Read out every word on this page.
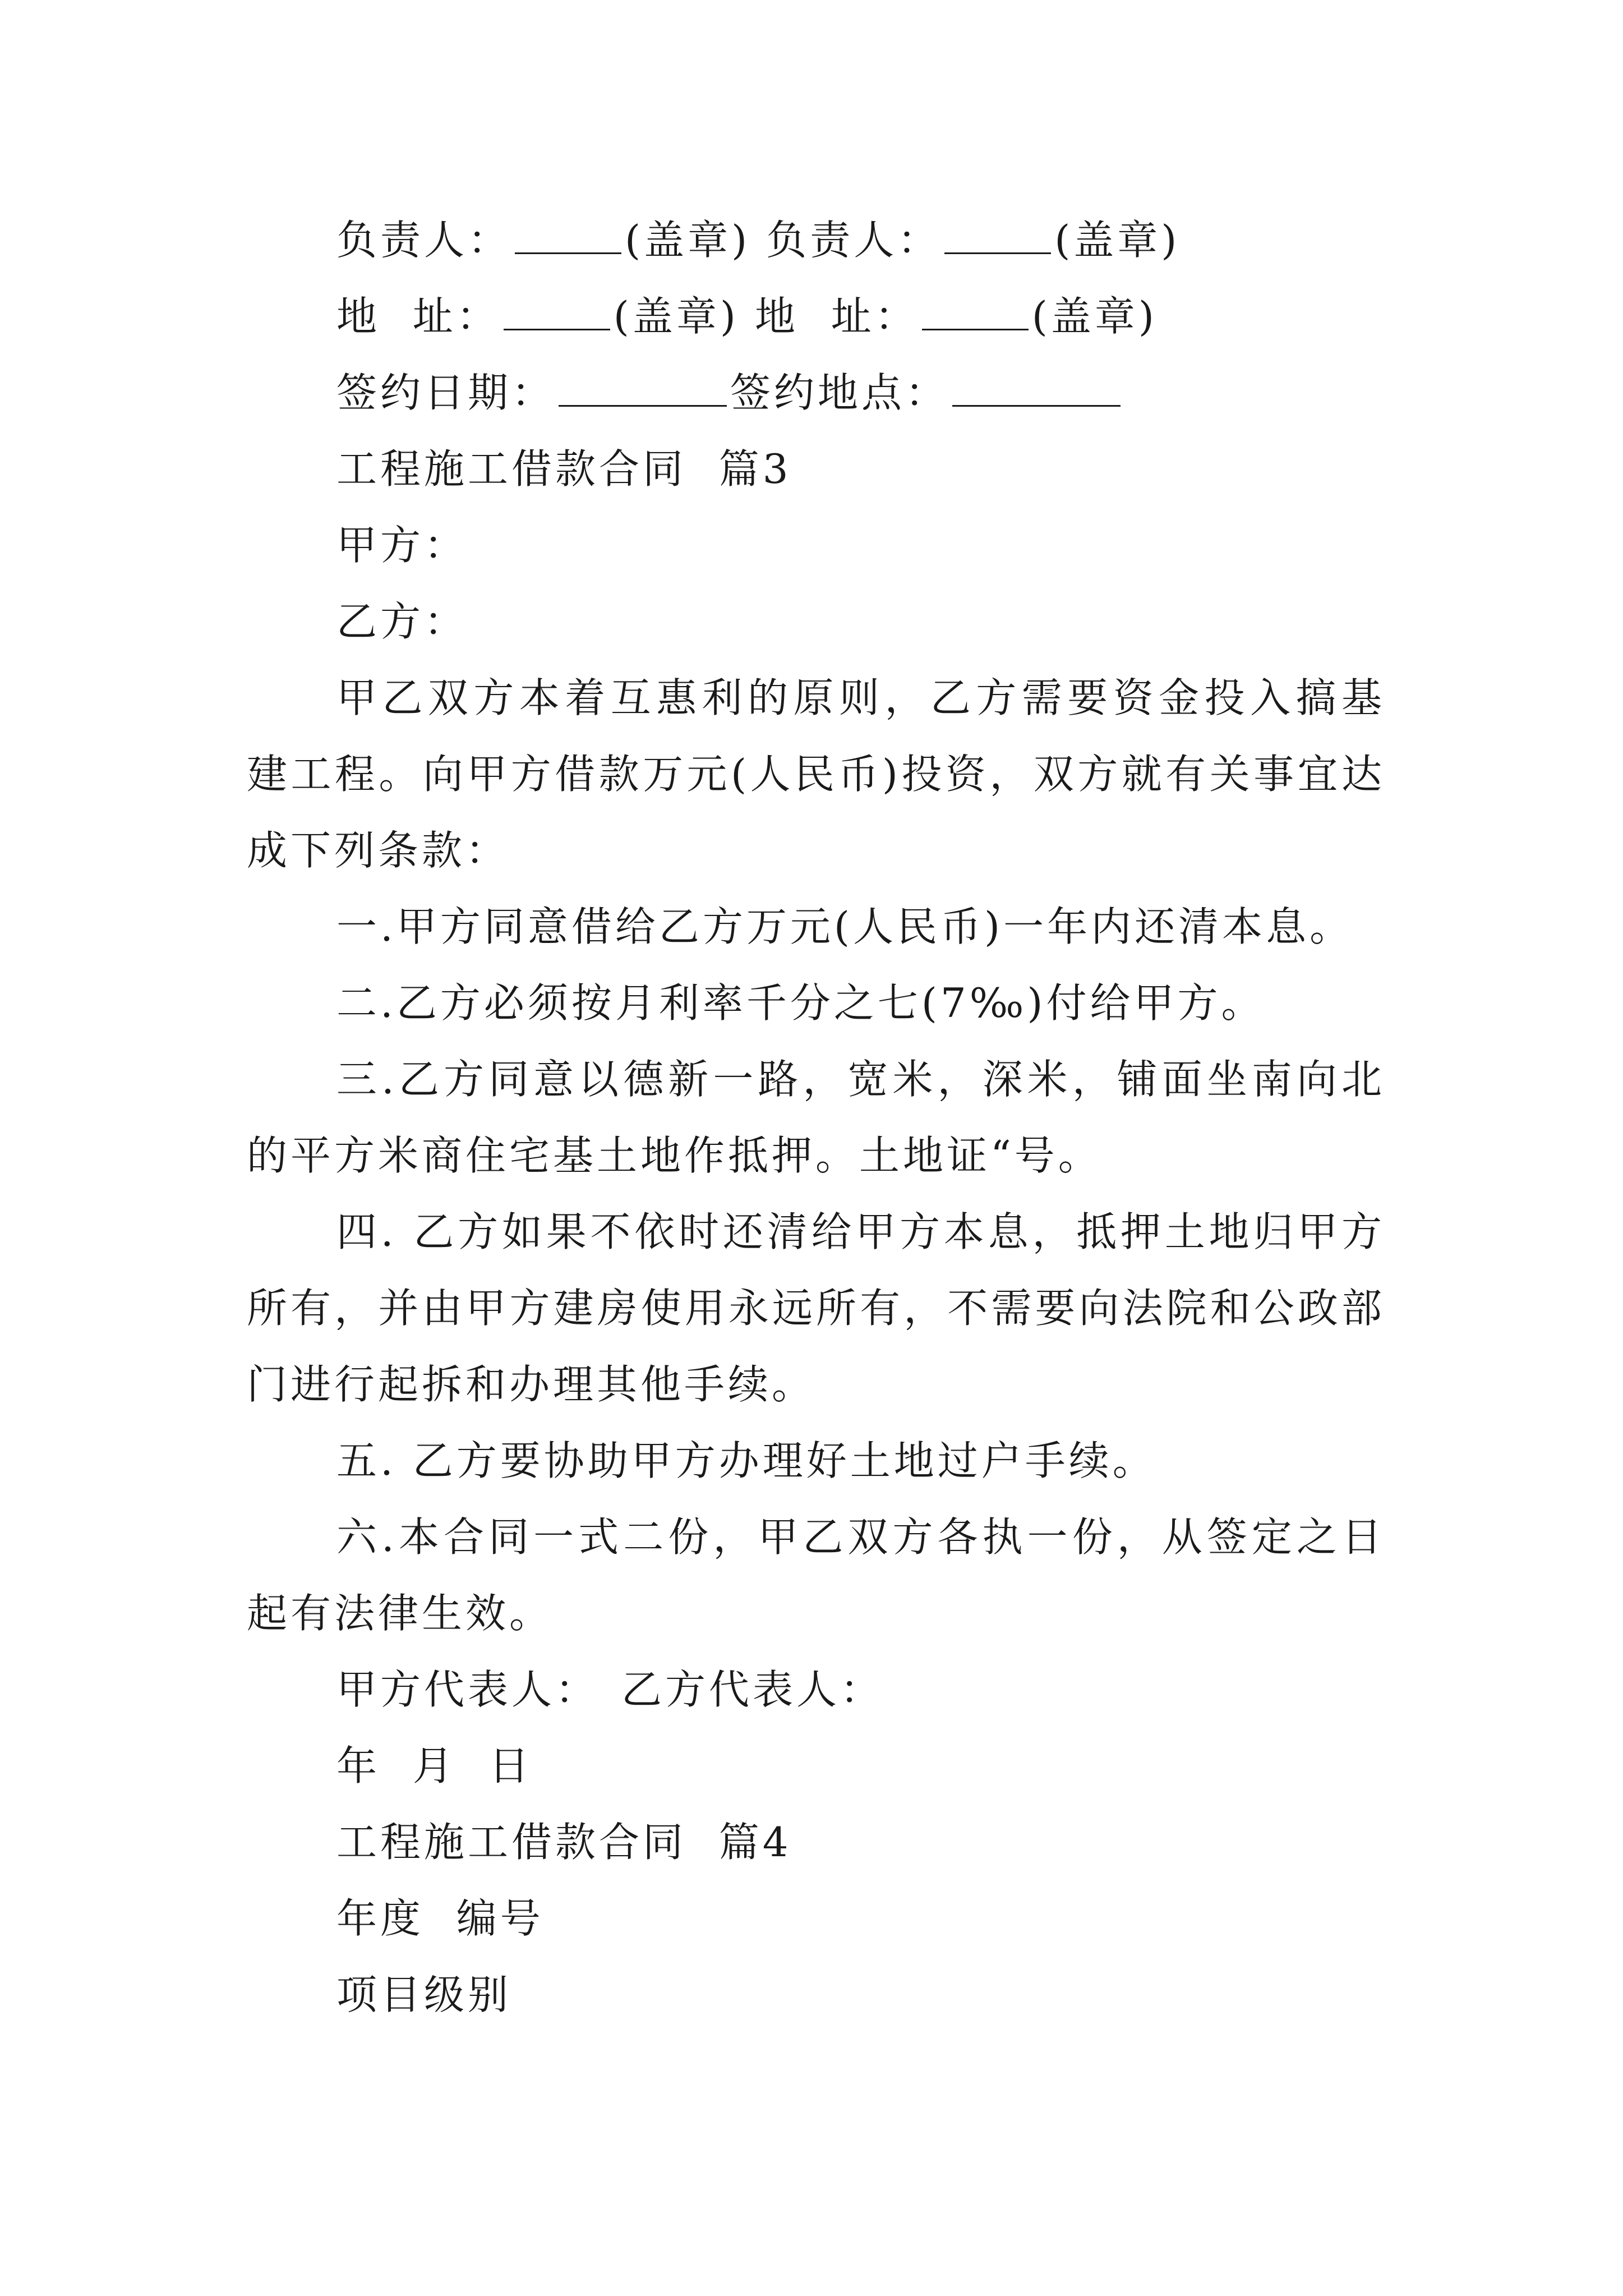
负责人：	(盖章) 负责人：	(盖章)

地  址：	(盖章) 地  址：	(盖章)

签约日期：	签约地点：

工程施工借款合同  篇3

甲方：

乙方：

甲乙双方本着互惠利的原则，乙方需要资金投入搞基建工程。向甲方借款万元(人民币)投资，双方就有关事宜达成下列条款：

一.甲方同意借给乙方万元(人民币)一年内还清本息。

二.乙方必须按月利率千分之七(7‰)付给甲方。

三.乙方同意以德新一路，宽米，深米，铺面坐南向北的平方米商住宅基土地作抵押。土地证“号。

四. 乙方如果不依时还清给甲方本息，抵押土地归甲方所有，并由甲方建房使用永远所有，不需要向法院和公政部门进行起拆和办理其他手续。

五. 乙方要协助甲方办理好土地过户手续。

六.本合同一式二份，甲乙双方各执一份，从签定之日起有法律生效。

甲方代表人： 乙方代表人：

年  月  日

工程施工借款合同  篇4

年度  编号

项目级别
